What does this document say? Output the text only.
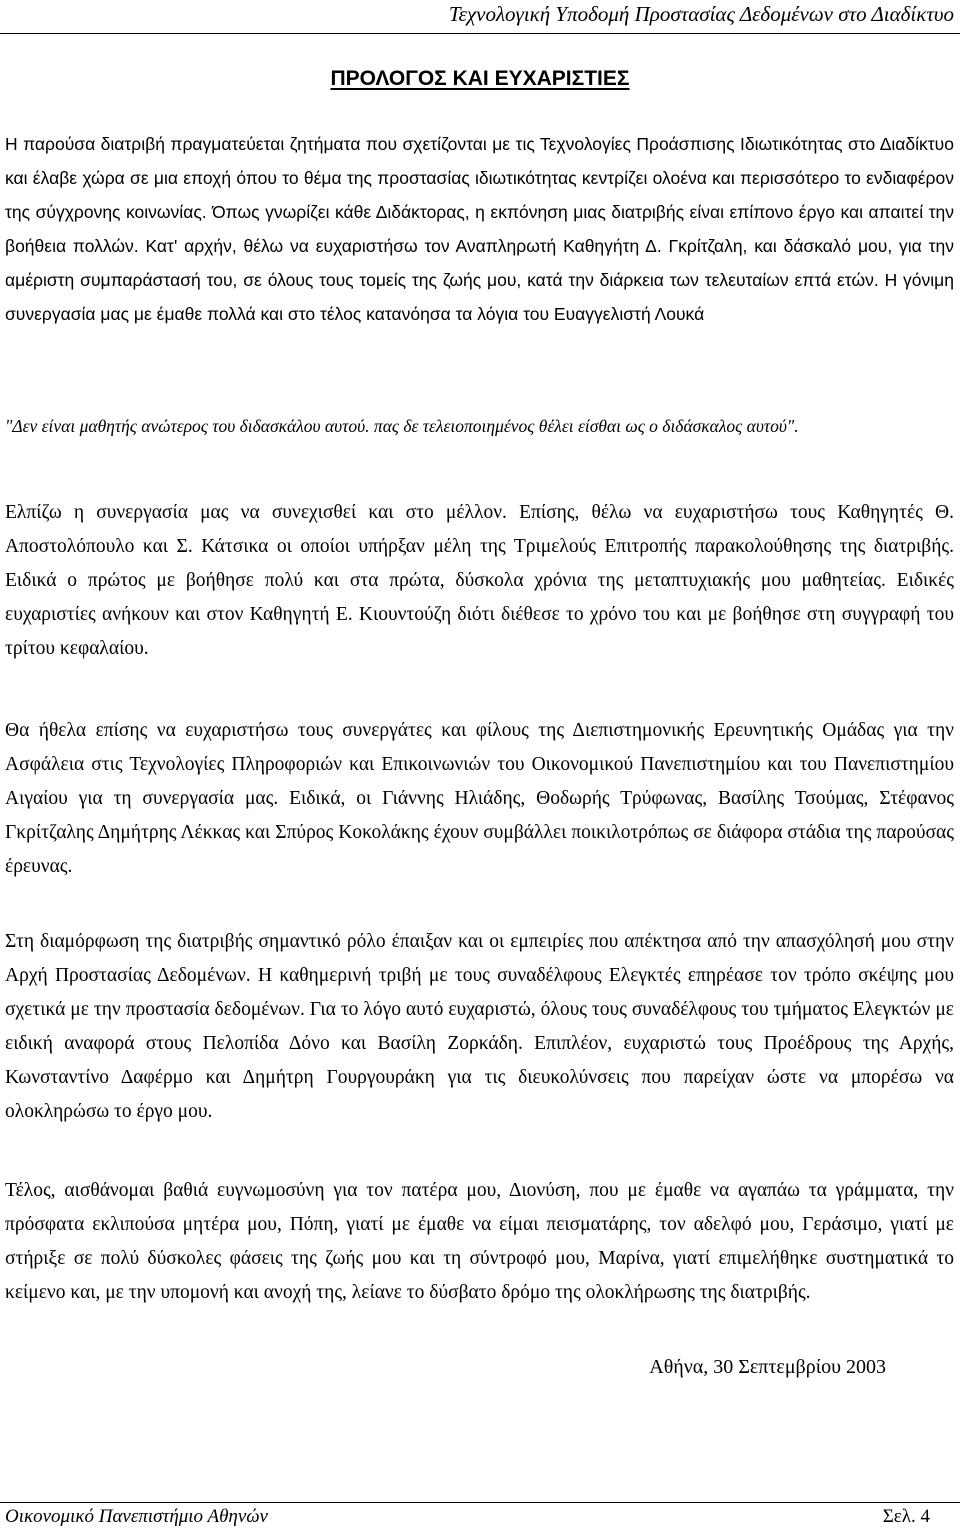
Τεχνολογική Υποδομή Προστασίας Δεδομένων στο Διαδίκτυο
ΠΡΟΛΟΓΟΣ ΚΑΙ ΕΥΧΑΡΙΣΤΙΕΣ

Η παρούσα διατριβή πραγματεύεται ζητήματα που σχετίζονται με τις Τεχνολογίες Προάσπισης Ιδιωτικότητας στο Διαδίκτυο και έλαβε χώρα σε μια εποχή όπου το θέμα της προστασίας ιδιωτικότητας κεντρίζει ολοένα και περισσότερο το ενδιαφέρον της σύγχρονης κοινωνίας. Όπως γνωρίζει κάθε Διδάκτορας, η εκπόνηση μιας διατριβής είναι επίπονο έργο και απαιτεί την βοήθεια πολλών. Κατ' αρχήν, θέλω να ευχαριστήσω τον Αναπληρωτή Καθηγήτη Δ. Γκρίτζαλη, και δάσκαλό μου, για την αμέριστη συμπαράστασή του, σε όλους τους τομείς της ζωής μου, κατά την διάρκεια των τελευταίων επτά ετών. Η γόνιμη συνεργασία μας με έμαθε πολλά και στο τέλος κατανόησα τα λόγια του Ευαγγελιστή Λουκά

"Δεν είναι μαθητής ανώτερος του διδασκάλου αυτού. πας δε τελειοποιημένος θέλει είσθαι ως ο διδάσκαλος αυτού".

Ελπίζω η συνεργασία μας να συνεχισθεί και στο μέλλον. Επίσης, θέλω να ευχαριστήσω τους Καθηγητές Θ. Αποστολόπουλο και Σ. Κάτσικα οι οποίοι υπήρξαν μέλη της Τριμελούς Επιτροπής παρακολούθησης της διατριβής. Ειδικά ο πρώτος με βοήθησε πολύ και στα πρώτα, δύσκολα χρόνια της μεταπτυχιακής μου μαθητείας. Ειδικές ευχαριστίες ανήκουν και στον Καθηγητή Ε. Κιουντούζη διότι διέθεσε το χρόνο του και με βοήθησε στη συγγραφή του τρίτου κεφαλαίου.

Θα ήθελα επίσης να ευχαριστήσω τους συνεργάτες και φίλους της Διεπιστημονικής Ερευνητικής Ομάδας για την Ασφάλεια στις Τεχνολογίες Πληροφοριών και Επικοινωνιών του Οικονομικού Πανεπιστημίου και του Πανεπιστημίου Αιγαίου για τη συνεργασία μας. Ειδικά, οι Γιάννης Ηλιάδης, Θοδωρής Τρύφωνας, Βασίλης Τσούμας, Στέφανος Γκρίτζαλης Δημήτρης Λέκκας και Σπύρος Κοκολάκης έχουν συμβάλλει ποικιλοτρόπως σε διάφορα στάδια της παρούσας έρευνας.

Στη διαμόρφωση της διατριβής σημαντικό ρόλο έπαιξαν και οι εμπειρίες που απέκτησα από την απασχόλησή μου στην Αρχή Προστασίας Δεδομένων. Η καθημερινή τριβή με τους συναδέλφους Ελεγκτές επηρέασε τον τρόπο σκέψης μου σχετικά με την προστασία δεδομένων. Για το λόγο αυτό ευχαριστώ, όλους τους συναδέλφους του τμήματος Ελεγκτών με ειδική αναφορά στους Πελοπίδα Δόνο και Βασίλη Ζορκάδη. Επιπλέον, ευχαριστώ τους Προέδρους της Αρχής, Κωνσταντίνο Δαφέρμο και Δημήτρη Γουργουράκη για τις διευκολύνσεις που παρείχαν ώστε να μπορέσω να ολοκληρώσω το έργο μου.

Τέλος, αισθάνομαι βαθιά ευγνωμοσύνη για τον πατέρα μου, Διονύση, που με έμαθε να αγαπάω τα γράμματα, την πρόσφατα εκλιπούσα μητέρα μου, Πόπη, γιατί με έμαθε να είμαι πεισματάρης, τον αδελφό μου, Γεράσιμο, γιατί με στήριξε σε πολύ δύσκολες φάσεις της ζωής μου και τη σύντροφό μου, Μαρίνα, γιατί επιμελήθηκε συστηματικά το κείμενο και, με την υπομονή και ανοχή της, λείανε το δύσβατο δρόμο της ολοκλήρωσης της διατριβής.

Αθήνα, 30 Σεπτεμβρίου 2003
Οικονομικό Πανεπιστήμιο Αθηνών	Σελ. 4
